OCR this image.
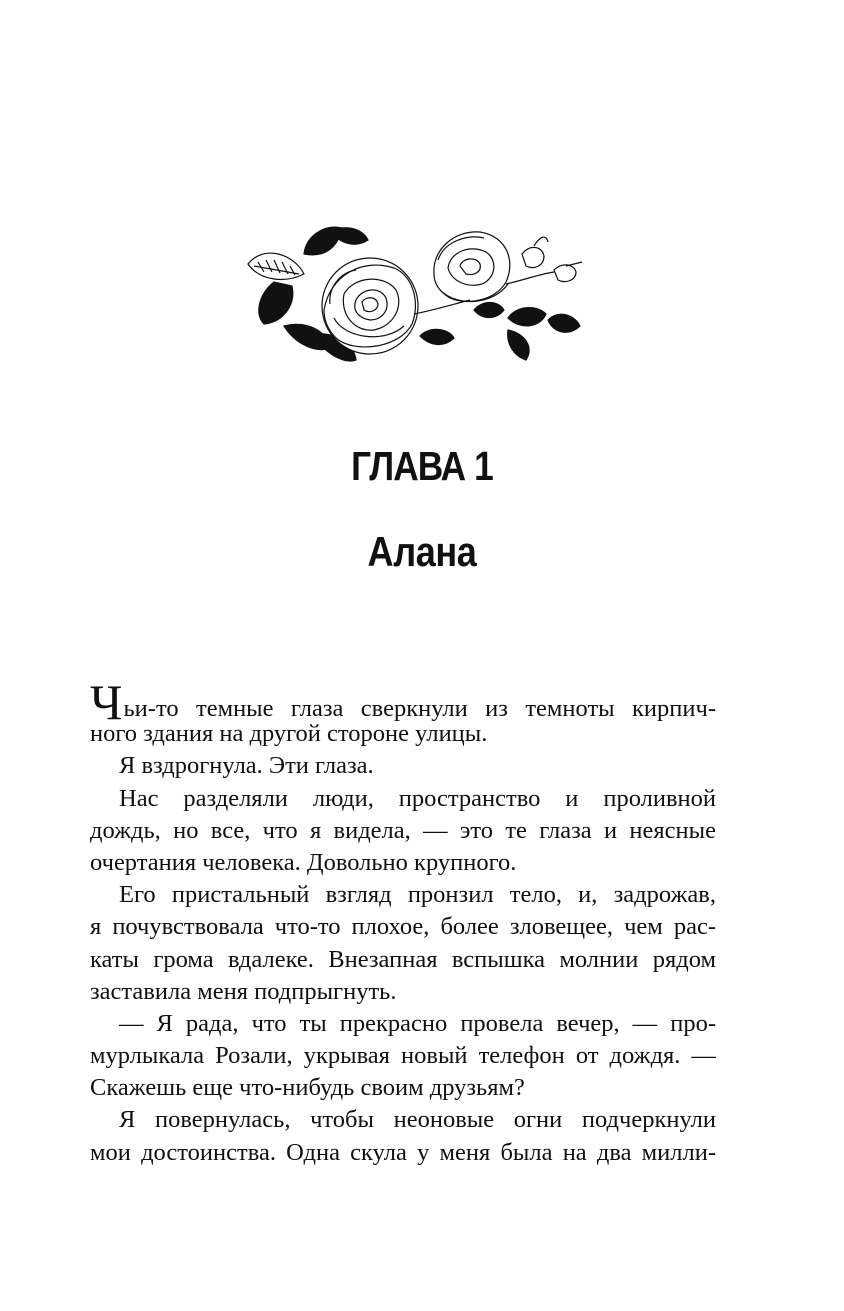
ГЛАВА 1
Алана
Чьи-то темные глаза сверкнули из темноты кирпич-
ного здания на другой стороне улицы.
Я вздрогнула. Эти глаза.
Нас разделяли люди, пространство и проливной
дождь, но все, что я видела, — это те глаза и неясные
очертания человека. Довольно крупного.
Его пристальный взгляд пронзил тело, и, задрожав,
я почувствовала что-то плохое, более зловещее, чем рас-
каты грома вдалеке. Внезапная вспышка молнии рядом
заставила меня подпрыгнуть.
— Я рада, что ты прекрасно провела вечер, — про-
мурлыкала Розали, укрывая новый телефон от дождя. —
Скажешь еще что-нибудь своим друзьям?
Я повернулась, чтобы неоновые огни подчеркнули
мои достоинства. Одна скула у меня была на два милли-
